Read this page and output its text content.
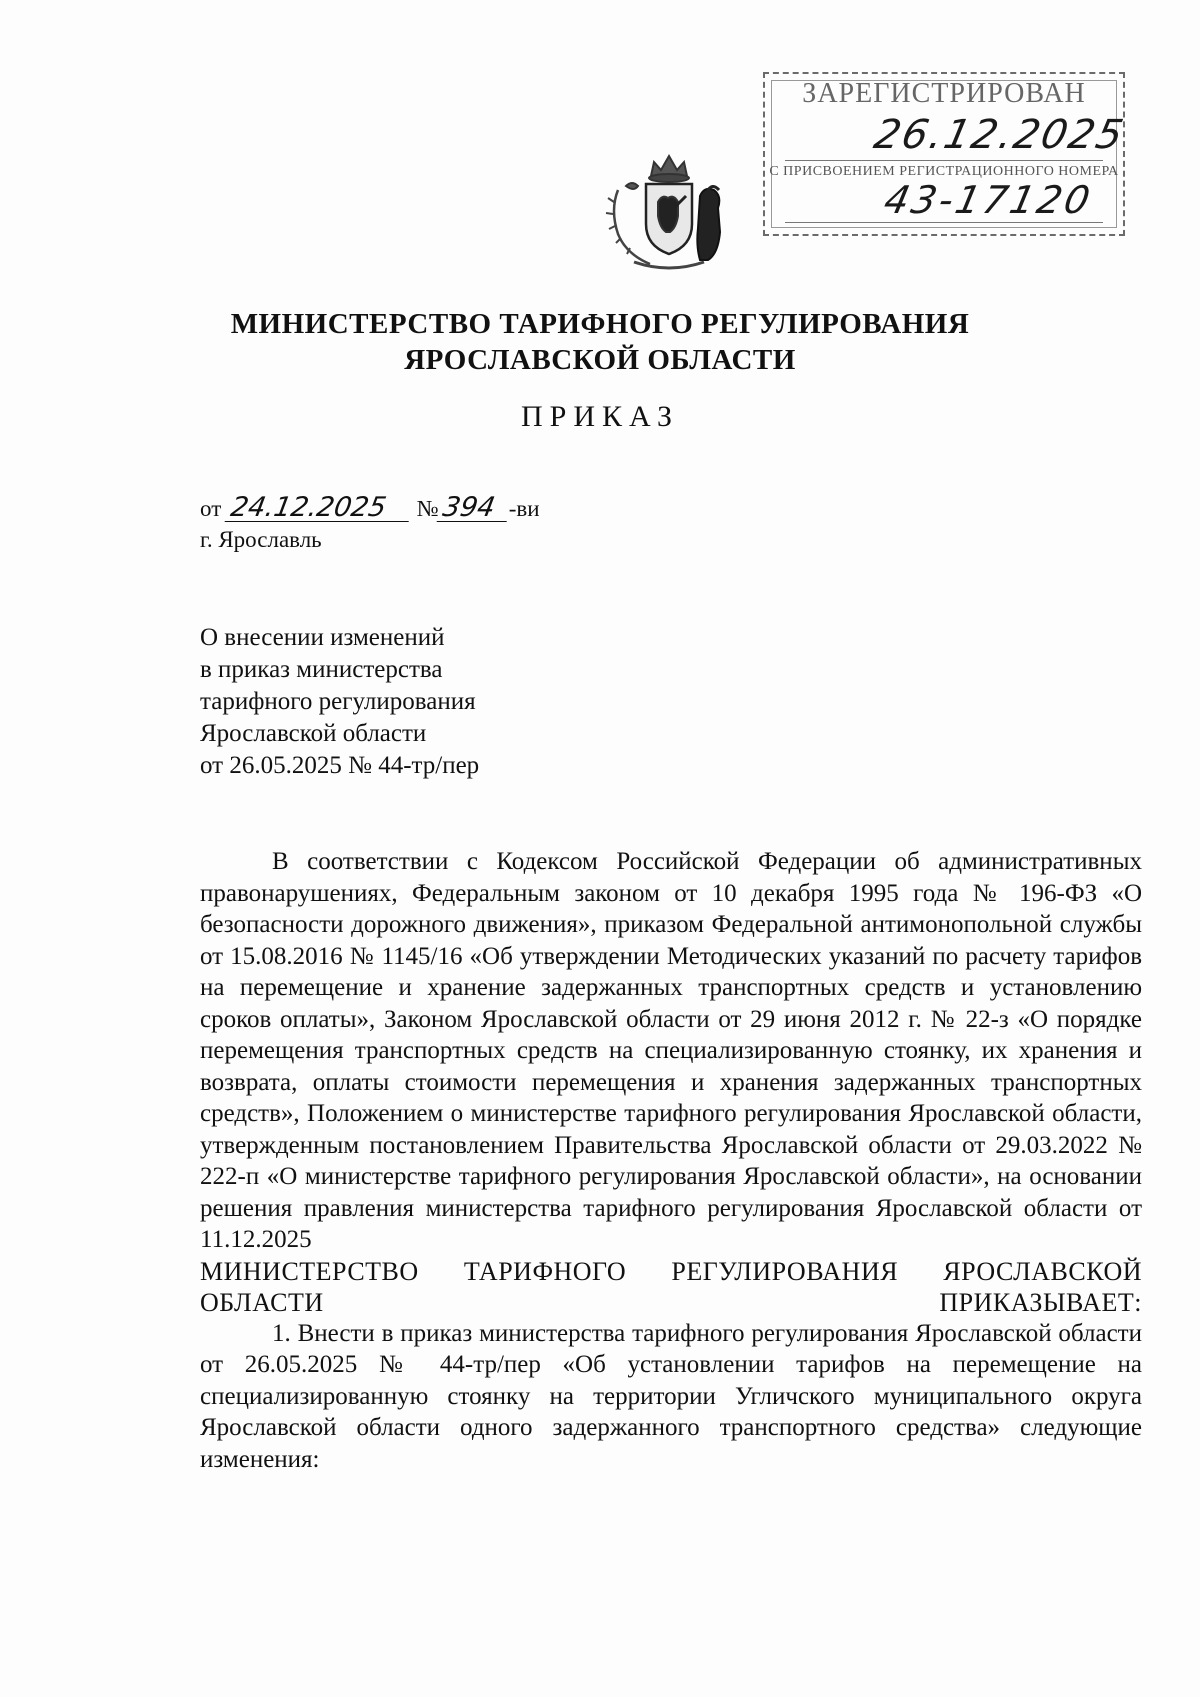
ЗАРЕГИСТРИРОВАН
26.12.2025
С ПРИСВОЕНИЕМ РЕГИСТРАЦИОННОГО НОМЕРА
43-17120
МИНИСТЕРСТВО ТАРИФНОГО РЕГУЛИРОВАНИЯ
ЯРОСЛАВСКОЙ ОБЛАСТИ
ПРИКАЗ
от 24.12.2025 №394 -ви
г. Ярославль
О внесении изменений
в приказ министерства
тарифного регулирования
Ярославской области
от 26.05.2025 № 44-тр/пер

В соответствии с Кодексом Российской Федерации об административных правонарушениях, Федеральным законом от 10 декабря 1995 года № 196-ФЗ «О безопасности дорожного движения», приказом Федеральной антимонопольной службы от 15.08.2016 № 1145/16 «Об утверждении Методических указаний по расчету тарифов на перемещение и хранение задержанных транспортных средств и установлению сроков оплаты», Законом Ярославской области от 29 июня 2012 г. № 22-з «О порядке перемещения транспортных средств на специализированную стоянку, их хранения и возврата, оплаты стоимости перемещения и хранения задержанных транспортных средств», Положением о министерстве тарифного регулирования Ярославской области, утвержденным постановлением Правительства Ярославской области от 29.03.2022 № 222-п «О министерстве тарифного регулирования Ярославской области», на основании решения правления министерства тарифного регулирования Ярославской области от 11.12.2025

МИНИСТЕРСТВО ТАРИФНОГО РЕГУЛИРОВАНИЯ ЯРОСЛАВСКОЙ ОБЛАСТИ ПРИКАЗЫВАЕТ:

1. Внести в приказ министерства тарифного регулирования Ярославской области от 26.05.2025 № 44-тр/пер «Об установлении тарифов на перемещение на специализированную стоянку на территории Угличского муниципального округа Ярославской области одного задержанного транспортного средства» следующие изменения:
